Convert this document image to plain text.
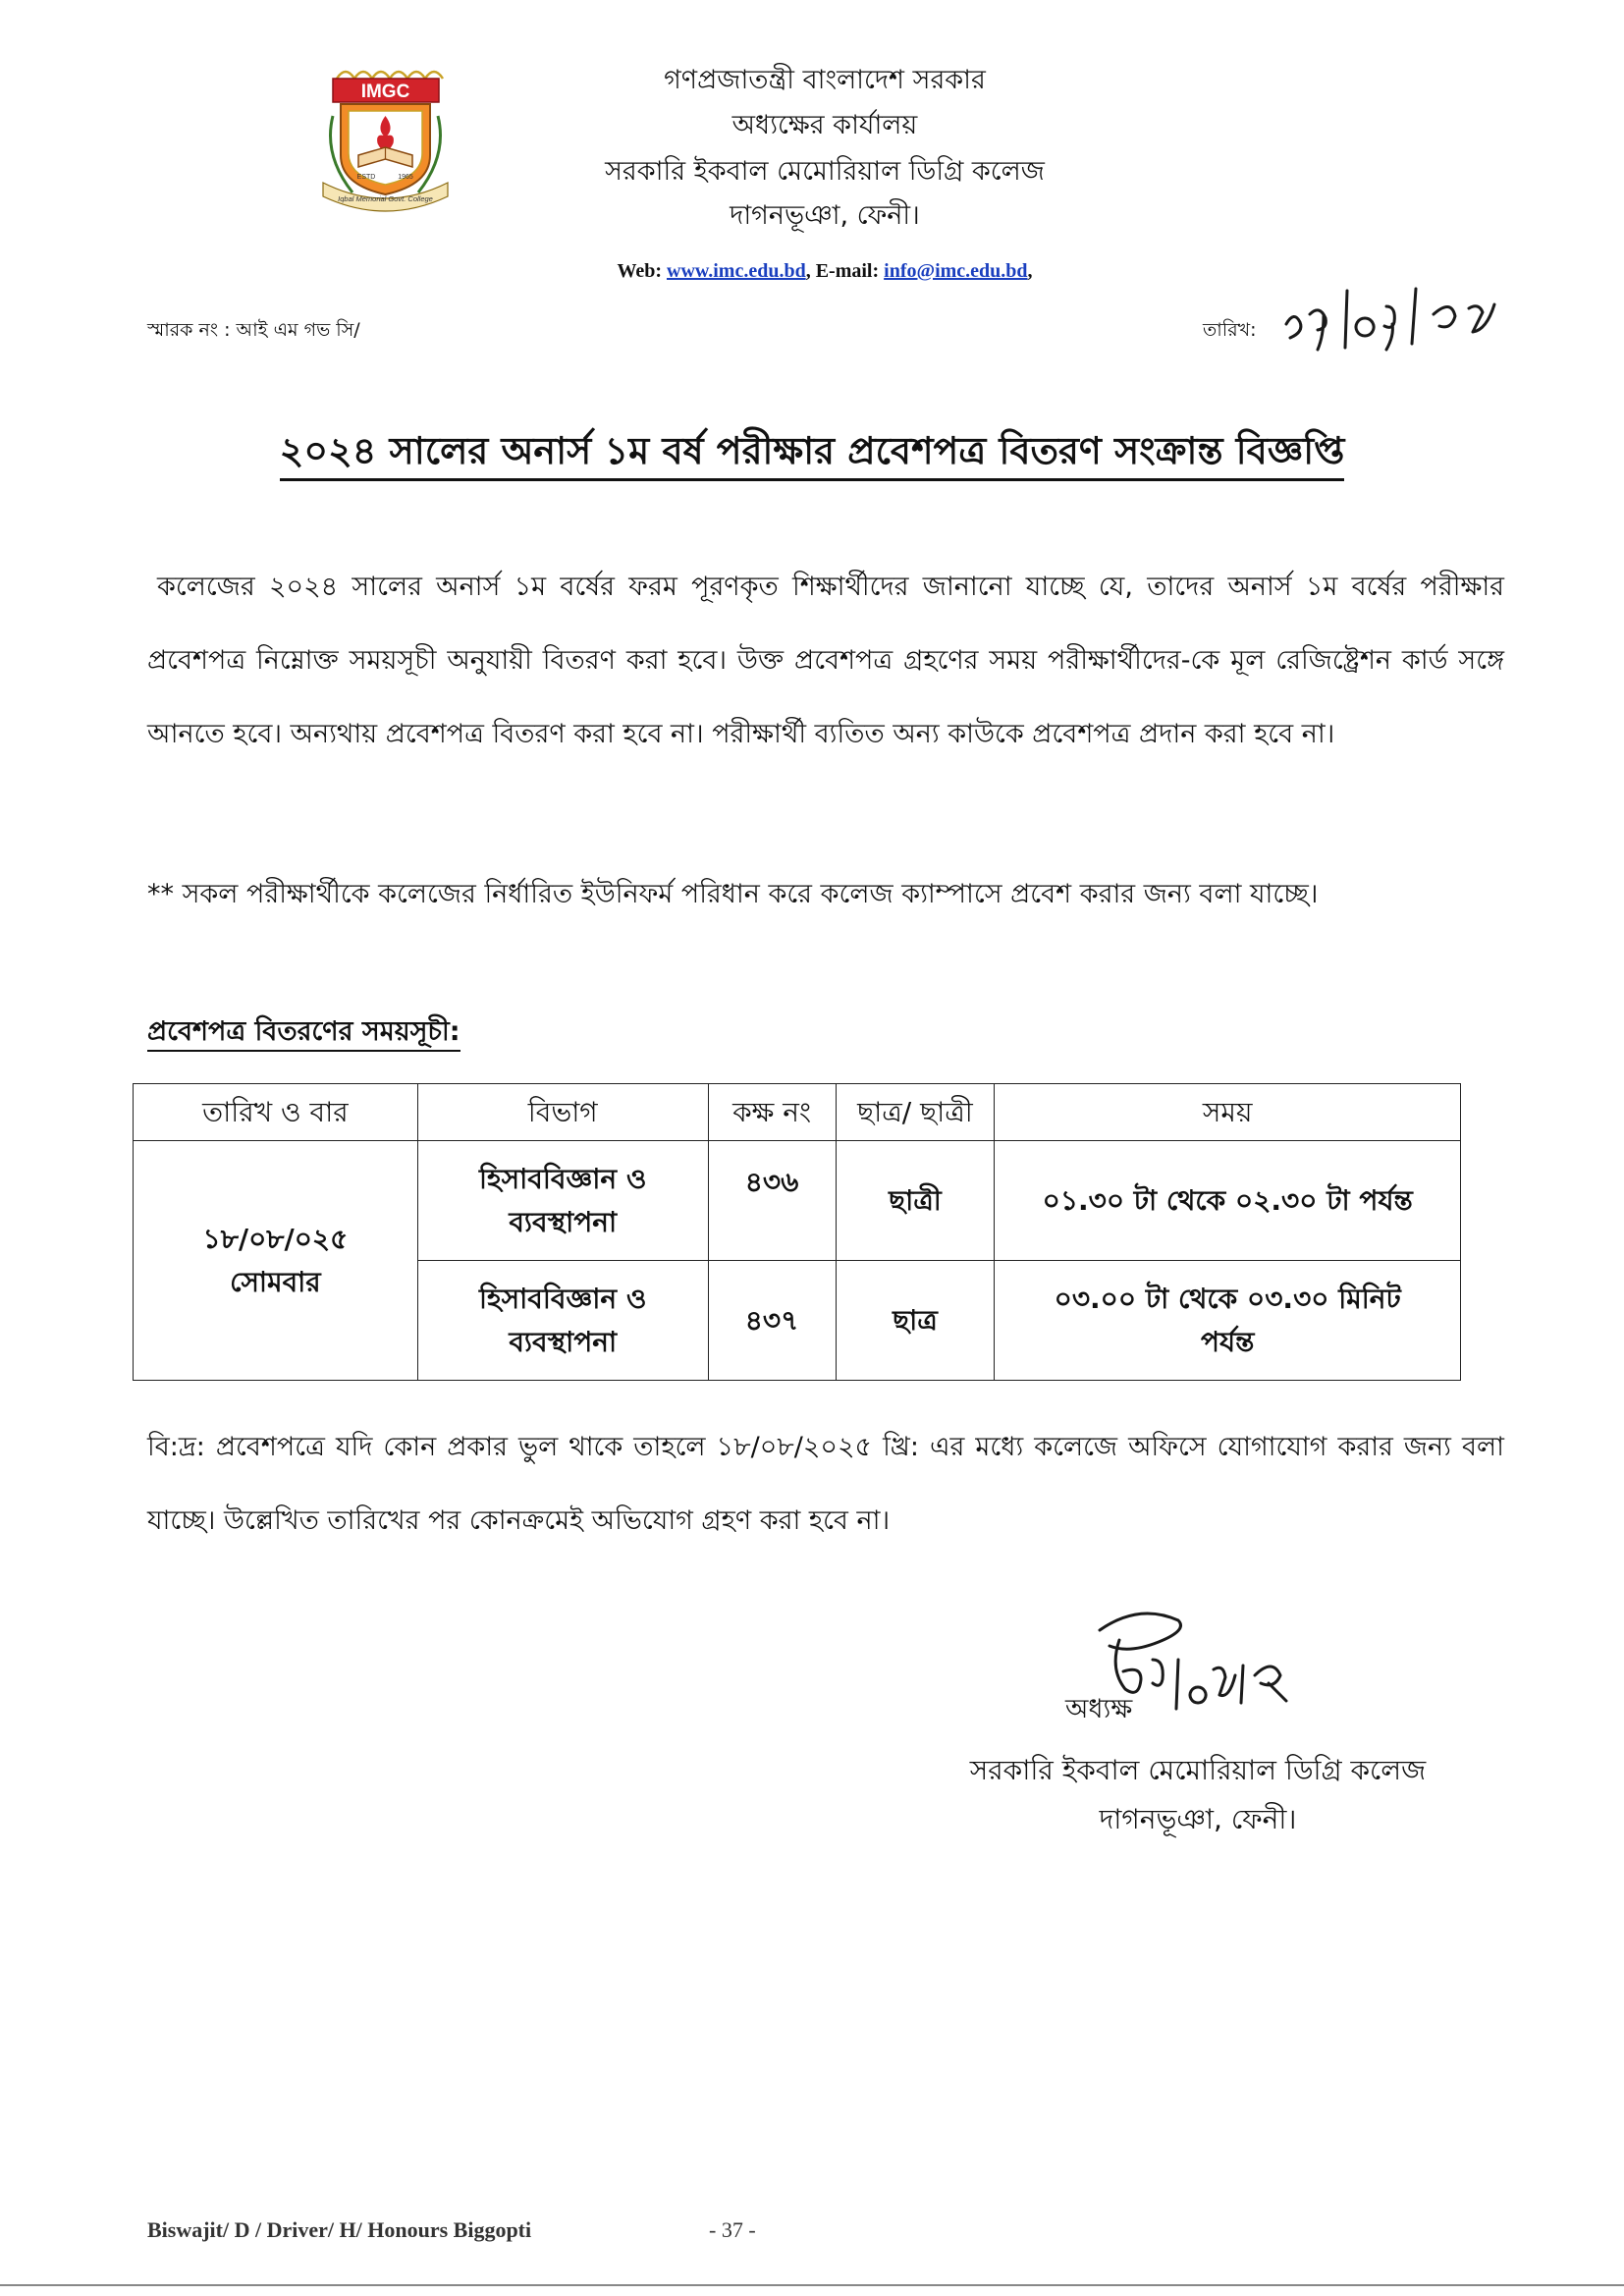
IMGC
ESTD	1965
Iqbal Memorial Govt. College
গণপ্রজাতন্ত্রী বাংলাদেশ সরকার
অধ্যক্ষের কার্যালয়
সরকারি ইকবাল মেমোরিয়াল ডিগ্রি কলেজ
দাগনভূঞা, ফেনী।
Web: www.imc.edu.bd, E-mail: info@imc.edu.bd,
স্মারক নং : আই এম গভ সি/	তারিখ:
২০২৪ সালের অনার্স ১ম বর্ষ পরীক্ষার প্রবেশপত্র বিতরণ সংক্রান্ত বিজ্ঞপ্তি
কলেজের ২০২৪ সালের অনার্স ১ম বর্ষের ফরম পূরণকৃত শিক্ষার্থীদের জানানো যাচ্ছে যে, তাদের অনার্স ১ম বর্ষের পরীক্ষার প্রবেশপত্র নিম্নোক্ত সময়সূচী অনুযায়ী বিতরণ করা হবে। উক্ত প্রবেশপত্র গ্রহণের সময় পরীক্ষার্থীদের-কে মূল রেজিষ্ট্রেশন কার্ড সঙ্গে আনতে হবে। অন্যথায় প্রবেশপত্র বিতরণ করা হবে না। পরীক্ষার্থী ব্যতিত অন্য কাউকে প্রবেশপত্র প্রদান করা হবে না।
** সকল পরীক্ষার্থীকে কলেজের নির্ধারিত ইউনিফর্ম পরিধান করে কলেজ ক্যাম্পাসে প্রবেশ করার জন্য বলা যাচ্ছে।
প্রবেশপত্র বিতরণের সময়সূচী:
তারিখ ও বার	বিভাগ	কক্ষ নং	ছাত্র/ ছাত্রী	সময়

১৮/০৮/০২৫
সোমবার	হিসাববিজ্ঞান ও ব্যবস্থাপনা	৪৩৬	ছাত্রী	০১.৩০ টা থেকে ০২.৩০ টা পর্যন্ত
	হিসাববিজ্ঞান ও ব্যবস্থাপনা	৪৩৭	ছাত্র	০৩.০০ টা থেকে ০৩.৩০ মিনিট পর্যন্ত
বি:দ্র: প্রবেশপত্রে যদি কোন প্রকার ভুল থাকে তাহলে ১৮/০৮/২০২৫ খ্রি: এর মধ্যে কলেজে অফিসে যোগাযোগ করার জন্য বলা যাচ্ছে। উল্লেখিত তারিখের পর কোনক্রমেই অভিযোগ গ্রহণ করা হবে না।
অধ্যক্ষ
সরকারি ইকবাল মেমোরিয়াল ডিগ্রি কলেজ
দাগনভূঞা, ফেনী।
Biswajit/ D / Driver/ H/ Honours Biggopti	- 37 -
